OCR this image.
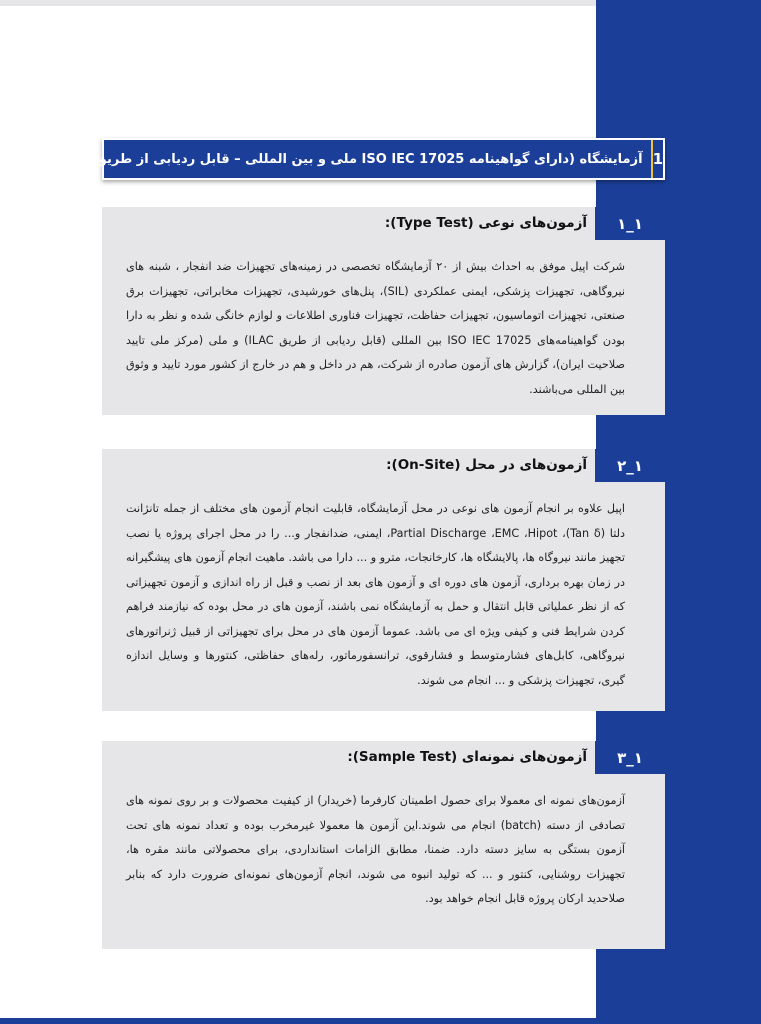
1
آزمایشگاه (دارای گواهینامه ISO IEC 17025 ملی و بین المللی – قابل ردیابی از طریق ILAC)
۱_۱
آزمون‌های نوعی (Type Test):
شرکت اپیل موفق به احداث بیش از ۲۰ آزمایشگاه تخصصی در زمینه‌های تجهیزات ضد انفجار ، شبنه های نیروگاهی، تجهیزات پزشکی، ایمنی عملکردی (SIL)، پنل‌های خورشیدی، تجهیزات مخابراتی، تجهیزات برق صنعتی، تجهیزات اتوماسیون، تجهیزات حفاظت، تجهیزات فناوری اطلاعات و لوازم خانگی شده و نظر به دارا بودن گواهینامه‌های ISO IEC 17025 بین المللی (قابل ردیابی از طریق ILAC) و ملی (مرکز ملی تایید صلاحیت ایران)، گزارش های آزمون صادره از شرکت، هم در داخل و هم در خارج از کشور مورد تایید و وثوق بین المللی می‌باشند.
۲_۱
آزمون‌های در محل (On-Site):
اپیل علاوه بر انجام آزمون های نوعی در محل آزمایشگاه، قابلیت انجام آزمون های مختلف از جمله تانژانت دلتا (Tan δ)، Partial Discharge ،EMC ،Hipot، ایمنی، ضدانفجار و... را در محل اجرای پروژه یا نصب تجهیز مانند نیروگاه ها، پالایشگاه ها، کارخانجات، مترو و ... دارا می باشد. ماهیت انجام آزمون های پیشگیرانه در زمان بهره برداری، آزمون های دوره ای و آزمون های بعد از نصب و قبل از راه اندازی و آزمون تجهیزاتی که از نظر عملیاتی قابل انتقال و حمل به آزمایشگاه نمی باشند، آزمون های در محل بوده که نیازمند فراهم کردن شرایط فنی و کیفی ویژه ای می باشد. عموما آزمون های در محل برای تجهیزاتی از قبیل ژنراتورهای نیروگاهی، کابل‌های فشارمتوسط و فشارقوی، ترانسفورماتور، رله‌های حفاظتی، کنتورها و وسایل اندازه گیری، تجهیزات پزشکی و ... انجام می شوند.
۳_۱
آزمون‌های نمونه‌ای (Sample Test):
آزمون‌های نمونه ای معمولا برای حصول اطمینان کارفرما (خریدار) از کیفیت محصولات و بر روی نمونه های تصادفی از دسته (batch) انجام می شوند.این آزمون ها معمولا غیرمخرب بوده و تعداد نمونه های تحت آزمون بستگی به سایز دسته دارد. ضمنا، مطابق الزامات استانداردی، برای محصولاتی مانند مقره ها، تجهیزات روشنایی، کنتور و ... که تولید انبوه می شوند، انجام آزمون‌های نمونه‌ای ضرورت دارد که بنابر صلاحدید ارکان پروژه قابل انجام خواهد بود.
